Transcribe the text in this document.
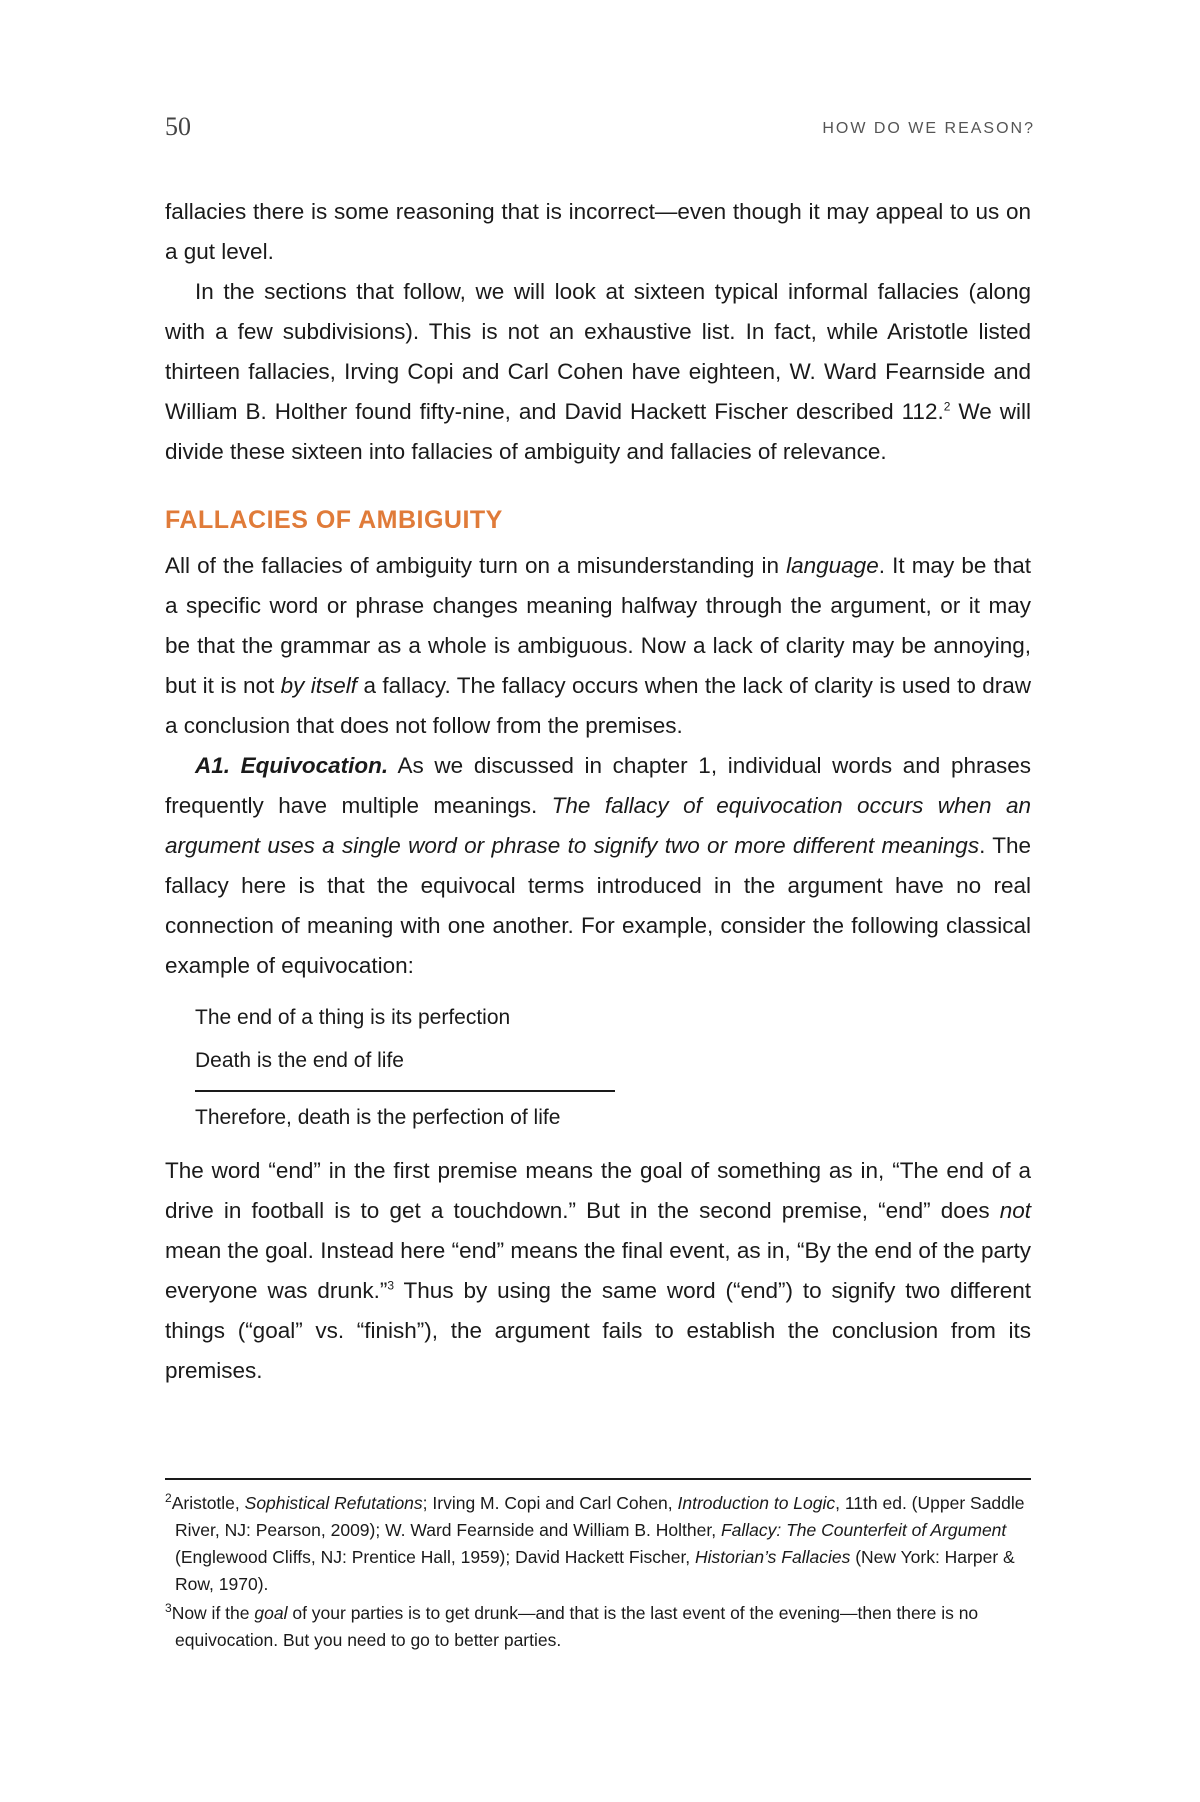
50	HOW DO WE REASON?

fallacies there is some reasoning that is incorrect—even though it may appeal to us on a gut level.

In the sections that follow, we will look at sixteen typical informal fallacies (along with a few subdivisions). This is not an exhaustive list. In fact, while Aristotle listed thirteen fallacies, Irving Copi and Carl Cohen have eighteen, W. Ward Fearnside and William B. Holther found fifty-nine, and David Hackett Fischer described 112.$^2$ We will divide these sixteen into fallacies of ambiguity and fallacies of relevance.

FALLACIES OF AMBIGUITY

All of the fallacies of ambiguity turn on a misunderstanding in language. It may be that a specific word or phrase changes meaning halfway through the argument, or it may be that the grammar as a whole is ambiguous. Now a lack of clarity may be annoying, but it is not by itself a fallacy. The fallacy occurs when the lack of clarity is used to draw a conclusion that does not follow from the premises.

A1. Equivocation. As we discussed in chapter 1, individual words and phrases frequently have multiple meanings. The fallacy of equivocation occurs when an argument uses a single word or phrase to signify two or more different meanings. The fallacy here is that the equivocal terms introduced in the argument have no real connection of meaning with one another. For example, consider the following classical example of equivocation:

The end of a thing is its perfection
Death is the end of life
Therefore, death is the perfection of life

The word “end” in the first premise means the goal of something as in, “The end of a drive in football is to get a touchdown.” But in the second premise, “end” does not mean the goal. Instead here “end” means the final event, as in, “By the end of the party everyone was drunk.”$^3$ Thus by using the same word (“end”) to signify two different things (“goal” vs. “finish”), the argument fails to establish the conclusion from its premises.

$^2$Aristotle, Sophistical Refutations; Irving M. Copi and Carl Cohen, Introduction to Logic, 11th ed. (Upper Saddle River, NJ: Pearson, 2009); W. Ward Fearnside and William B. Holther, Fallacy: The Counterfeit of Argument (Englewood Cliffs, NJ: Prentice Hall, 1959); David Hackett Fischer, Historian’s Fallacies (New York: Harper & Row, 1970).

$^3$Now if the goal of your parties is to get drunk—and that is the last event of the evening—then there is no equivocation. But you need to go to better parties.
